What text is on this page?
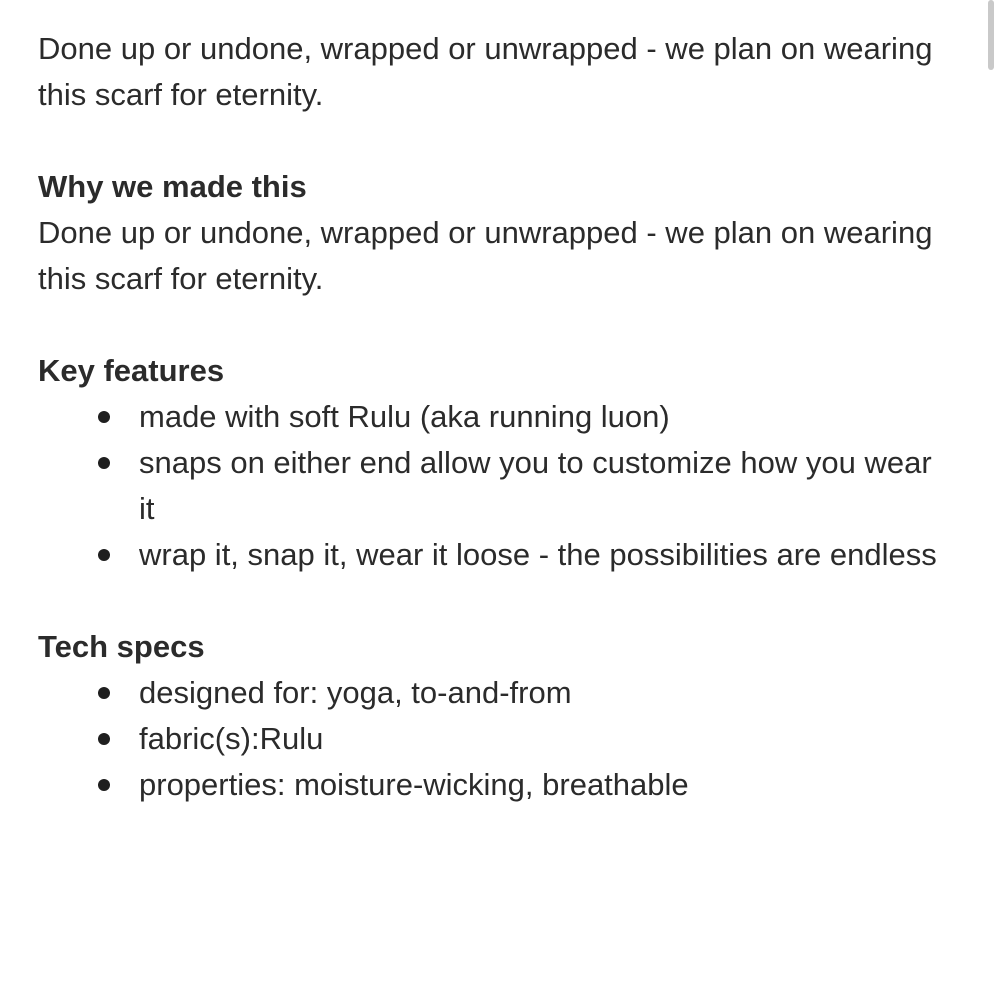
Done up or undone, wrapped or unwrapped - we plan on wearing this scarf for eternity.

Why we made this

Done up or undone, wrapped or unwrapped - we plan on wearing this scarf for eternity.

Key features

made with soft Rulu (aka running luon)
snaps on either end allow you to customize how you wear it
wrap it, snap it, wear it loose - the possibilities are endless

Tech specs

designed for: yoga, to-and-from
fabric(s):Rulu
properties: moisture-wicking, breathable
